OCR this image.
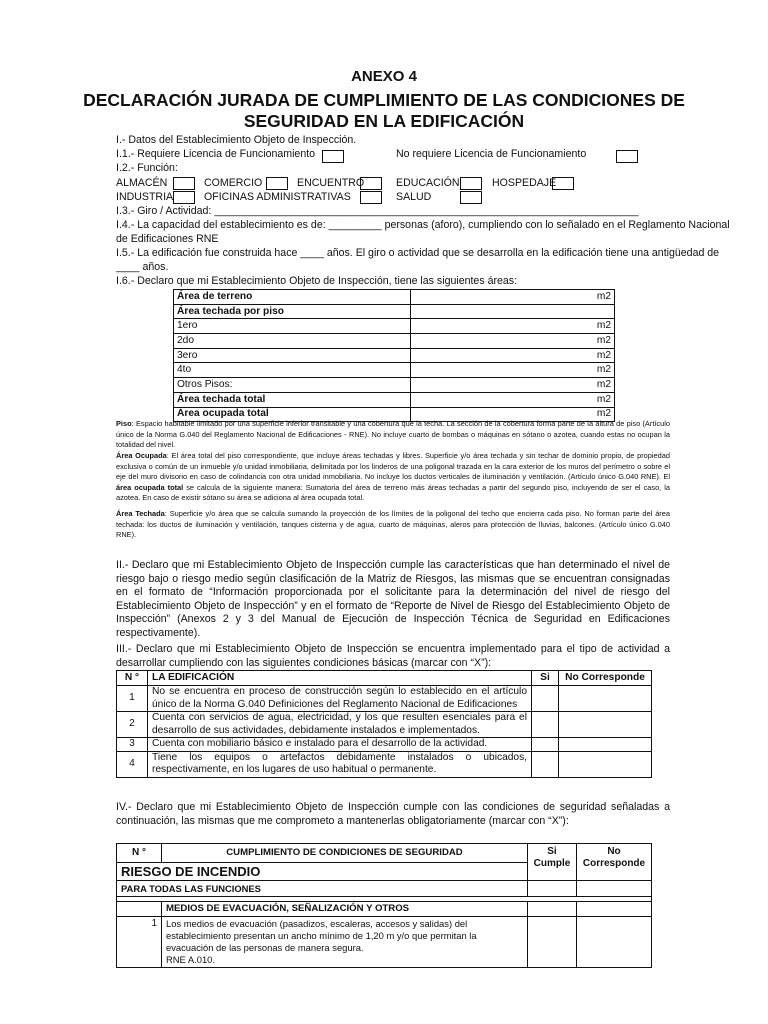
ANEXO 4
DECLARACIÓN JURADA DE CUMPLIMIENTO DE LAS CONDICIONES DE
SEGURIDAD EN LA EDIFICACIÓN
I.- Datos del Establecimiento Objeto de Inspección.
I.1.- Requiere Licencia de Funcionamiento	No requiere Licencia de Funcionamiento
I.2.- Función:
ALMACÉN	COMERCIO	ENCUENTRO	EDUCACIÓN	HOSPEDAJE
INDUSTRIA	OFICINAS ADMINISTRATIVAS	SALUD
I.3.- Giro / Actividad: ________________________________________________________________________
I.4.- La capacidad del establecimiento es de: _________ personas (aforo), cumpliendo con lo señalado en el Reglamento Nacional
de Edificaciones RNE
I.5.- La edificación fue construida hace ____ años. El giro o actividad que se desarrolla en la edificación tiene una antigüedad de
____ años.
I.6.- Declaro que mi Establecimiento Objeto de Inspección, tiene las siguientes áreas:
Área de terreno	m2
Área techada por piso	
1ero	m2
2do	m2
3ero	m2
4to	m2
Otros Pisos:	m2
Área techada total	m2
Área ocupada total	m2
Piso: Espacio habitable limitado por una superficie inferior transitable y una cobertura que la techa. La sección de la cobertura forma parte de la altura de piso (Artículo único de la Norma G.040 del Reglamento Nacional de Edificaciones - RNE). No incluye cuarto de bombas o máquinas en sótano o azotea, cuando estas no ocupan la totalidad del nivel.
Área Ocupada: El área total del piso correspondiente, que incluye áreas techadas y libres. Superficie y/o área techada y sin techar de dominio propio, de propiedad exclusiva o común de un inmueble y/o unidad inmobiliaria, delimitada por los linderos de una poligonal trazada en la cara exterior de los muros del perímetro o sobre el eje del muro divisorio en caso de colindancia con otra unidad inmobiliaria. No incluye los ductos verticales de iluminación y ventilación. (Artículo único G.040 RNE). El área ocupada total se calcula de la siguiente manera: Sumatoria del área de terreno más áreas techadas a partir del segundo piso, incluyendo de ser el caso, la azotea. En caso de existir sótano su área se adiciona al área ocupada total.
Área Techada: Superficie y/o área que se calcula sumando la proyección de los límites de la poligonal del techo que encierra cada piso. No forman parte del área techada: los ductos de iluminación y ventilación, tanques cisterna y de agua, cuarto de máquinas, aleros para protección de lluvias, balcones. (Artículo único G.040 RNE).
II.- Declaro que mi Establecimiento Objeto de Inspección cumple las características que han determinado el nivel de riesgo bajo o riesgo medio según clasificación de la Matriz de Riesgos, las mismas que se encuentran consignadas en el formato de “Información proporcionada por el solicitante para la determinación del nivel de riesgo del Establecimiento Objeto de Inspección” y en el formato de “Reporte de Nivel de Riesgo del Establecimiento Objeto de Inspección” (Anexos 2 y 3 del Manual de Ejecución de Inspección Técnica de Seguridad en Edificaciones respectivamente).
III.- Declaro que mi Establecimiento Objeto de Inspección se encuentra implementado para el tipo de actividad a desarrollar cumpliendo con las siguientes condiciones básicas (marcar con “X”):
N °	LA EDIFICACIÓN	Si	No Corresponde
1	No se encuentra en proceso de construcción según lo establecido en el artículo único de la Norma G.040 Definiciones del Reglamento Nacional de Edificaciones		
2	Cuenta con servicios de agua, electricidad, y los que resulten esenciales para el desarrollo de sus actividades, debidamente instalados e implementados.		
3	Cuenta con mobiliario básico e instalado para el desarrollo de la actividad.		
4	Tiene los equipos o artefactos debidamente instalados o ubicados, respectivamente, en los lugares de uso habitual o permanente.		
IV.- Declaro que mi Establecimiento Objeto de Inspección cumple con las condiciones de seguridad señaladas a continuación, las mismas que me comprometo a mantenerlas obligatoriamente (marcar con “X”):
N °	CUMPLIMIENTO DE CONDICIONES DE SEGURIDAD	Si Cumple	No Corresponde
RIESGO DE INCENDIO			
PARA TODAS LAS FUNCIONES			

	MEDIOS DE EVACUACIÓN, SEÑALIZACIÓN Y OTROS		
1	Los medios de evacuación (pasadizos, escaleras, accesos y salidas) del establecimiento presentan un ancho mínimo de 1,20 m y/o que permitan la evacuación de las personas de manera segura.
RNE A.010.		
